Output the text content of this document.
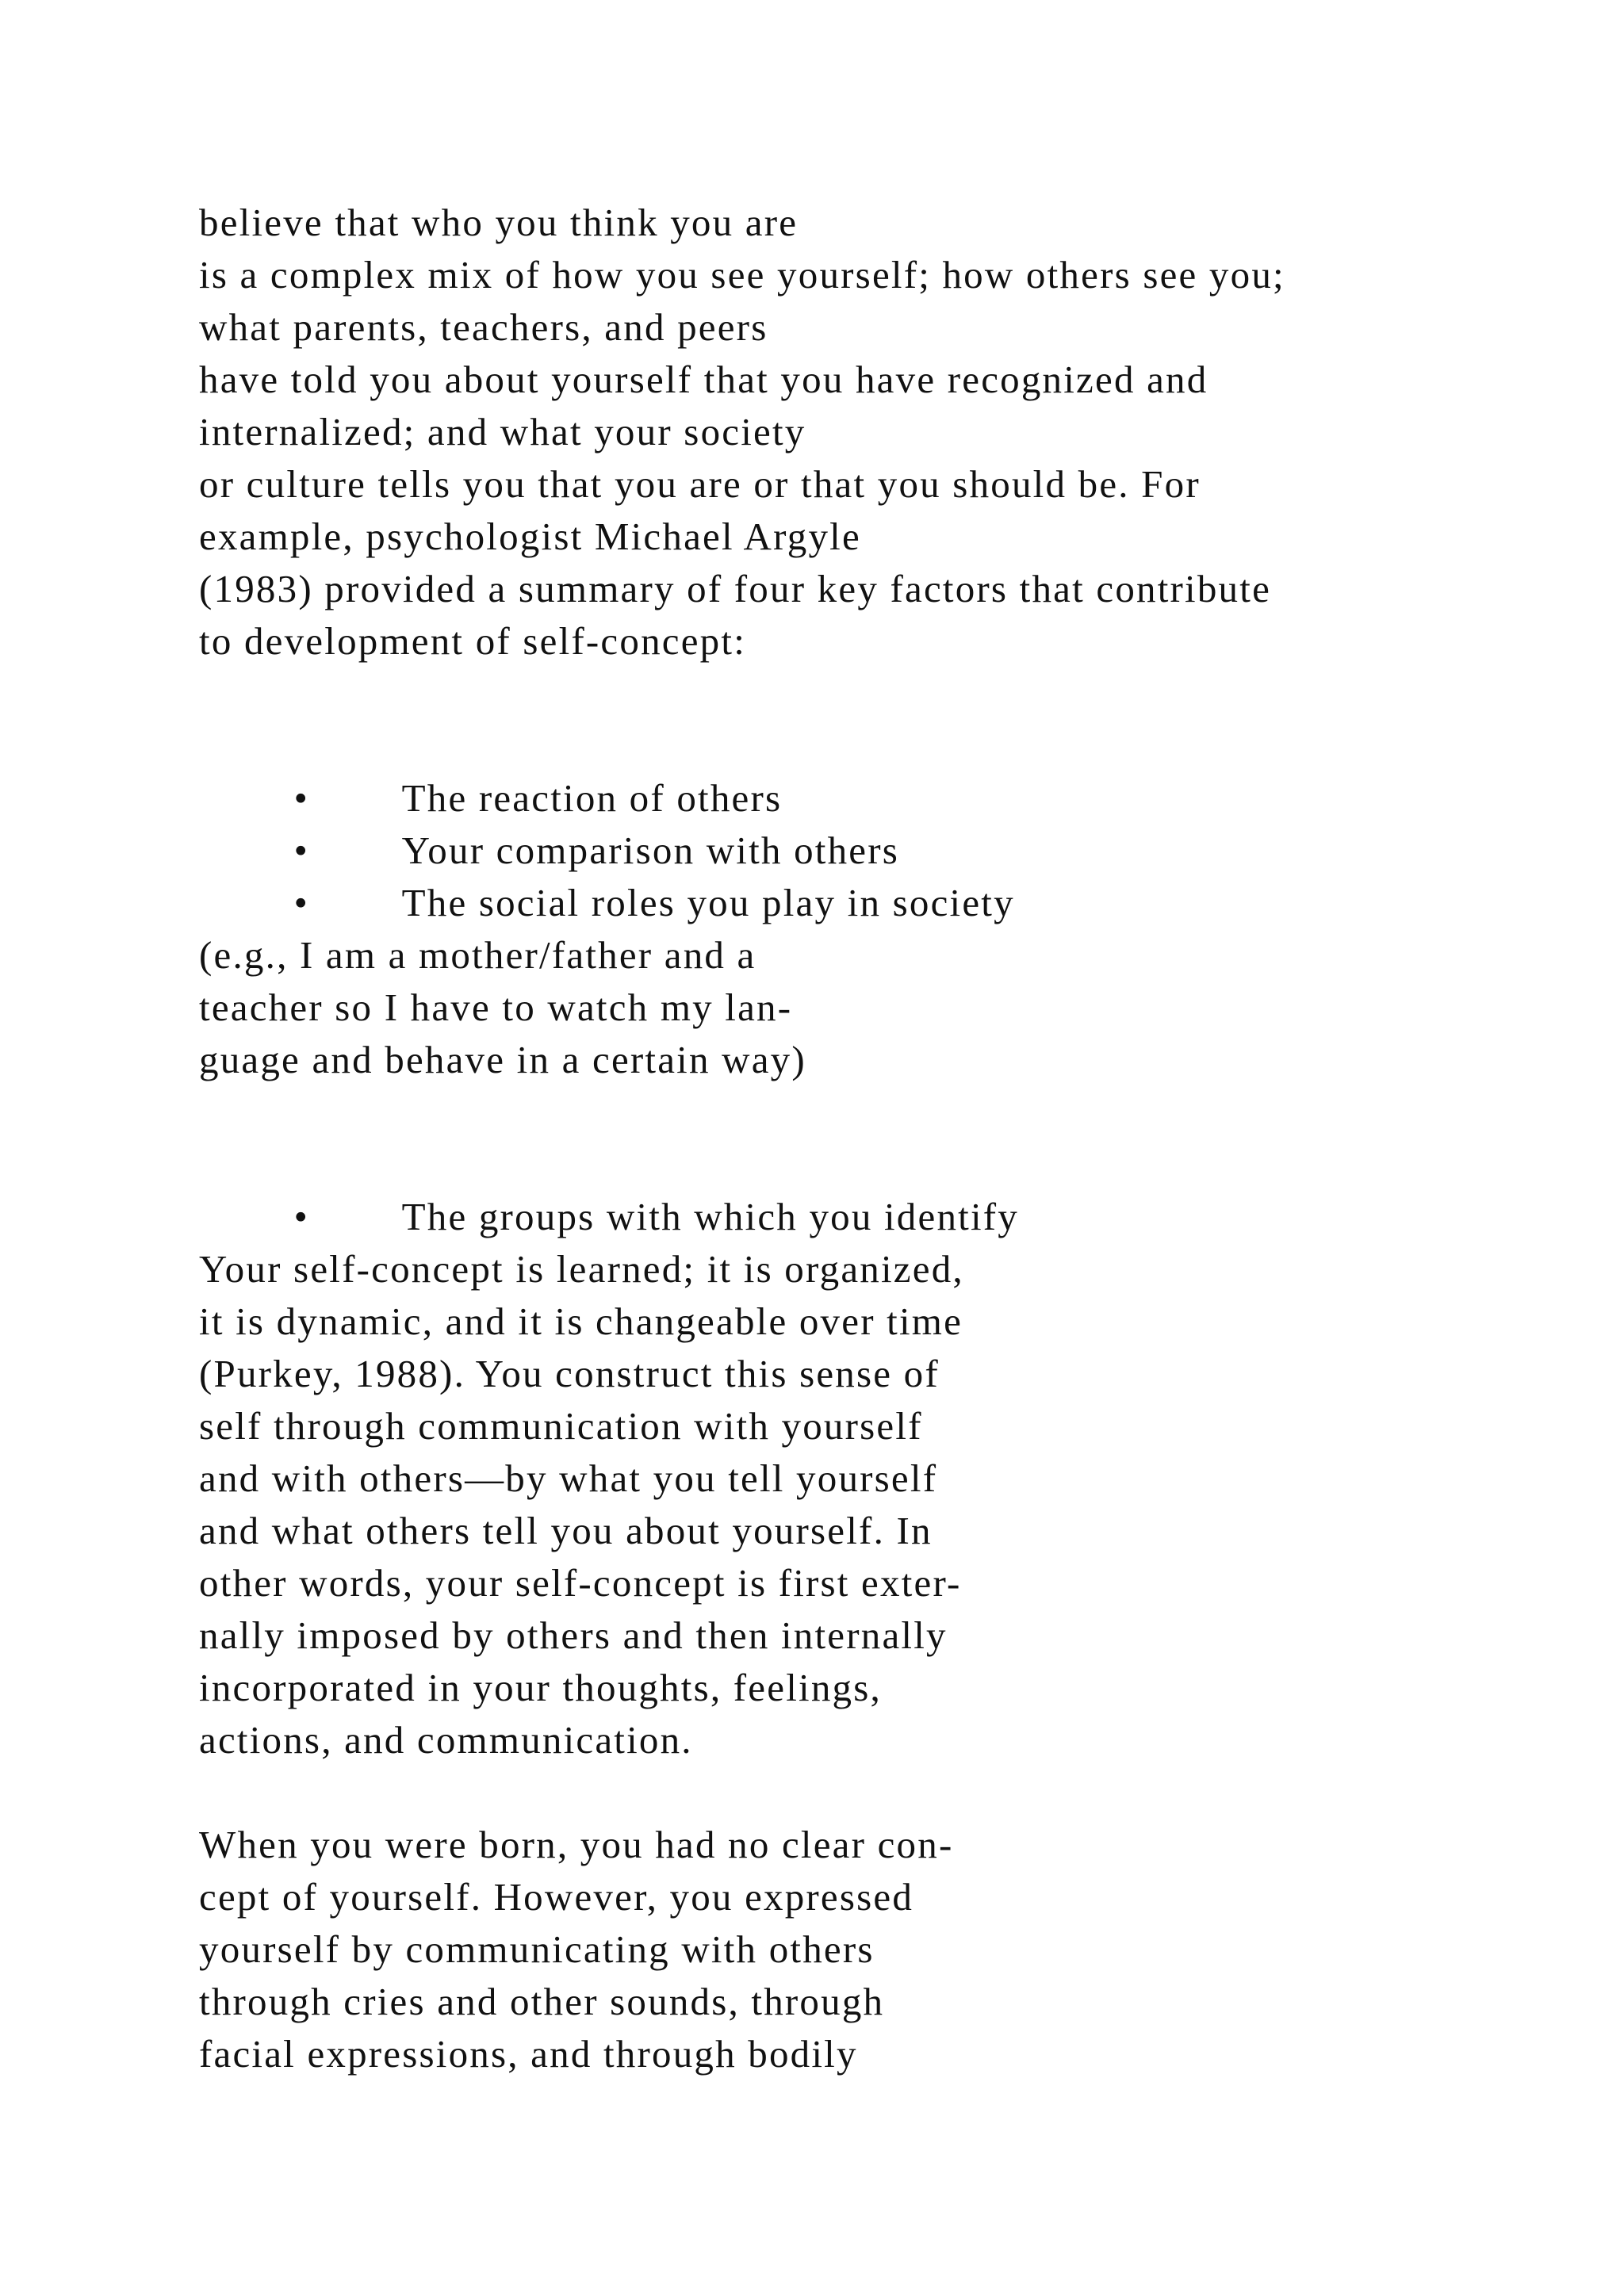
believe that who you think you are
is a complex mix of how you see yourself; how others see you;
what parents, teachers, and peers
have told you about yourself that you have recognized and
internalized; and what your society
or culture tells you that you are or that you should be. For
example, psychologist Michael Argyle
(1983) provided a summary of four key factors that contribute
to development of self-concept:

• The reaction of others

• Your comparison with others

• The social roles you play in society

(e.g., I am a mother/father and a
teacher so I have to watch my lan-
guage and behave in a certain way)

• The groups with which you identify

Your self-concept is learned; it is organized,
it is dynamic, and it is changeable over time
(Purkey, 1988). You construct this sense of
self through communication with yourself
and with others—by what you tell yourself
and what others tell you about yourself. In
other words, your self-concept is first exter-
nally imposed by others and then internally
incorporated in your thoughts, feelings,
actions, and communication.
When you were born, you had no clear con-
cept of yourself. However, you expressed
yourself by communicating with others
through cries and other sounds, through
facial expressions, and through bodily
